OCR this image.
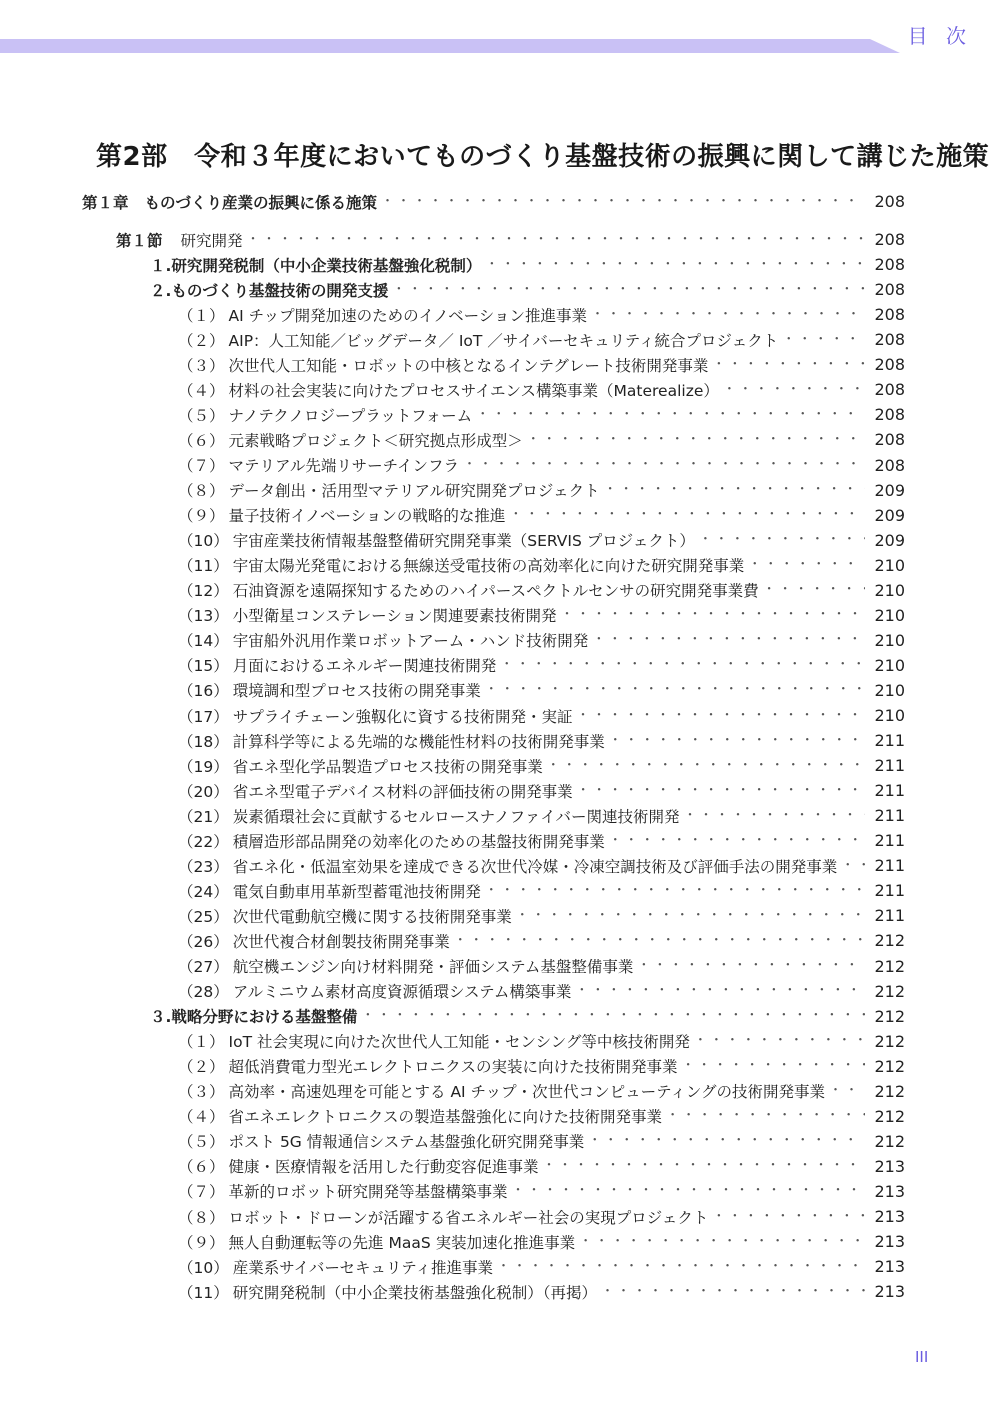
目 次
第2部　令和３年度においてものづくり基盤技術の振興に関して講じた施策
第１章 ものづくり産業の振興に係る施策 ・・・・・・・・・・・・・・・・・・・・・・・・・・・・・・・・・・・・・・・・・・・・・・・・・・・・・・・・・・・・・・・・・・・・・・・・・・・・・・・	208
第１節 研究開発 ・・・・・・・・・・・・・・・・・・・・・・・・・・・・・・・・・・・・・・・・・・・・・・・・・・・・・・・・・・・・・・・・・・・・・・・・・・・・・・・	208
１. 研究開発税制（中小企業技術基盤強化税制） ・・・・・・・・・・・・・・・・・・・・・・・・・・・・・・・・・・・・・・・・・・・・・・・・・・・・・・・・・・・・・・・・・・・・・・・・・・・・・・・	208
２. ものづくり基盤技術の開発支援 ・・・・・・・・・・・・・・・・・・・・・・・・・・・・・・・・・・・・・・・・・・・・・・・・・・・・・・・・・・・・・・・・・・・・・・・・・・・・・・・	208
（１） AI チップ開発加速のためのイノベーション推進事業 ・・・・・・・・・・・・・・・・・・・・・・・・・・・・・・・・・・・・・・・・・・・・・・・・・・・・・・・・・・・・・・・・・・・・・・・・・・・・・・・	208
（２） AIP：人工知能／ビッグデータ／ IoT ／サイバーセキュリティ統合プロジェクト ・・・・・・・・・・・・・・・・・・・・・・・・・・・・・・・・・・・・・・・・・・・・・・・・・・・・・・・・・・・・・・・・・・・・・・・・・・・・・・・	208
（３） 次世代人工知能・ロボットの中核となるインテグレート技術開発事業 ・・・・・・・・・・・・・・・・・・・・・・・・・・・・・・・・・・・・・・・・・・・・・・・・・・・・・・・・・・・・・・・・・・・・・・・・・・・・・・・	208
（４） 材料の社会実装に向けたプロセスサイエンス構築事業（Materealize） ・・・・・・・・・・・・・・・・・・・・・・・・・・・・・・・・・・・・・・・・・・・・・・・・・・・・・・・・・・・・・・・・・・・・・・・・・・・・・・・	208
（５） ナノテクノロジープラットフォーム ・・・・・・・・・・・・・・・・・・・・・・・・・・・・・・・・・・・・・・・・・・・・・・・・・・・・・・・・・・・・・・・・・・・・・・・・・・・・・・・	208
（６） 元素戦略プロジェクト＜研究拠点形成型＞ ・・・・・・・・・・・・・・・・・・・・・・・・・・・・・・・・・・・・・・・・・・・・・・・・・・・・・・・・・・・・・・・・・・・・・・・・・・・・・・・	208
（７） マテリアル先端リサーチインフラ ・・・・・・・・・・・・・・・・・・・・・・・・・・・・・・・・・・・・・・・・・・・・・・・・・・・・・・・・・・・・・・・・・・・・・・・・・・・・・・・	208
（８） データ創出・活用型マテリアル研究開発プロジェクト ・・・・・・・・・・・・・・・・・・・・・・・・・・・・・・・・・・・・・・・・・・・・・・・・・・・・・・・・・・・・・・・・・・・・・・・・・・・・・・・	209
（９） 量子技術イノベーションの戦略的な推進 ・・・・・・・・・・・・・・・・・・・・・・・・・・・・・・・・・・・・・・・・・・・・・・・・・・・・・・・・・・・・・・・・・・・・・・・・・・・・・・・	209
（10） 宇宙産業技術情報基盤整備研究開発事業（SERVIS プロジェクト） ・・・・・・・・・・・・・・・・・・・・・・・・・・・・・・・・・・・・・・・・・・・・・・・・・・・・・・・・・・・・・・・・・・・・・・・・・・・・・・・	209
（11） 宇宙太陽光発電における無線送受電技術の高効率化に向けた研究開発事業 ・・・・・・・・・・・・・・・・・・・・・・・・・・・・・・・・・・・・・・・・・・・・・・・・・・・・・・・・・・・・・・・・・・・・・・・・・・・・・・・	210
（12） 石油資源を遠隔探知するためのハイパースペクトルセンサの研究開発事業費 ・・・・・・・・・・・・・・・・・・・・・・・・・・・・・・・・・・・・・・・・・・・・・・・・・・・・・・・・・・・・・・・・・・・・・・・・・・・・・・・	210
（13） 小型衛星コンステレーション関連要素技術開発 ・・・・・・・・・・・・・・・・・・・・・・・・・・・・・・・・・・・・・・・・・・・・・・・・・・・・・・・・・・・・・・・・・・・・・・・・・・・・・・・	210
（14） 宇宙船外汎用作業ロボットアーム・ハンド技術開発 ・・・・・・・・・・・・・・・・・・・・・・・・・・・・・・・・・・・・・・・・・・・・・・・・・・・・・・・・・・・・・・・・・・・・・・・・・・・・・・・	210
（15） 月面におけるエネルギー関連技術開発 ・・・・・・・・・・・・・・・・・・・・・・・・・・・・・・・・・・・・・・・・・・・・・・・・・・・・・・・・・・・・・・・・・・・・・・・・・・・・・・・	210
（16） 環境調和型プロセス技術の開発事業 ・・・・・・・・・・・・・・・・・・・・・・・・・・・・・・・・・・・・・・・・・・・・・・・・・・・・・・・・・・・・・・・・・・・・・・・・・・・・・・・	210
（17） サプライチェーン強靱化に資する技術開発・実証 ・・・・・・・・・・・・・・・・・・・・・・・・・・・・・・・・・・・・・・・・・・・・・・・・・・・・・・・・・・・・・・・・・・・・・・・・・・・・・・・	210
（18） 計算科学等による先端的な機能性材料の技術開発事業 ・・・・・・・・・・・・・・・・・・・・・・・・・・・・・・・・・・・・・・・・・・・・・・・・・・・・・・・・・・・・・・・・・・・・・・・・・・・・・・・	211
（19） 省エネ型化学品製造プロセス技術の開発事業 ・・・・・・・・・・・・・・・・・・・・・・・・・・・・・・・・・・・・・・・・・・・・・・・・・・・・・・・・・・・・・・・・・・・・・・・・・・・・・・・	211
（20） 省エネ型電子デバイス材料の評価技術の開発事業 ・・・・・・・・・・・・・・・・・・・・・・・・・・・・・・・・・・・・・・・・・・・・・・・・・・・・・・・・・・・・・・・・・・・・・・・・・・・・・・・	211
（21） 炭素循環社会に貢献するセルロースナノファイバー関連技術開発 ・・・・・・・・・・・・・・・・・・・・・・・・・・・・・・・・・・・・・・・・・・・・・・・・・・・・・・・・・・・・・・・・・・・・・・・・・・・・・・・	211
（22） 積層造形部品開発の効率化のための基盤技術開発事業 ・・・・・・・・・・・・・・・・・・・・・・・・・・・・・・・・・・・・・・・・・・・・・・・・・・・・・・・・・・・・・・・・・・・・・・・・・・・・・・・	211
（23） 省エネ化・低温室効果を達成できる次世代冷媒・冷凍空調技術及び評価手法の開発事業 ・・・・・・・・・・・・・・・・・・・・・・・・・・・・・・・・・・・・・・・・・・・・・・・・・・・・・・・・・・・・・・・・・・・・・・・・・・・・・・・ 211
（24） 電気自動車用革新型蓄電池技術開発 ・・・・・・・・・・・・・・・・・・・・・・・・・・・・・・・・・・・・・・・・・・・・・・・・・・・・・・・・・・・・・・・・・・・・・・・・・・・・・・・	211
（25） 次世代電動航空機に関する技術開発事業 ・・・・・・・・・・・・・・・・・・・・・・・・・・・・・・・・・・・・・・・・・・・・・・・・・・・・・・・・・・・・・・・・・・・・・・・・・・・・・・・	211
（26） 次世代複合材創製技術開発事業 ・・・・・・・・・・・・・・・・・・・・・・・・・・・・・・・・・・・・・・・・・・・・・・・・・・・・・・・・・・・・・・・・・・・・・・・・・・・・・・・	212
（27） 航空機エンジン向け材料開発・評価システム基盤整備事業 ・・・・・・・・・・・・・・・・・・・・・・・・・・・・・・・・・・・・・・・・・・・・・・・・・・・・・・・・・・・・・・・・・・・・・・・・・・・・・・・	212
（28） アルミニウム素材高度資源循環システム構築事業 ・・・・・・・・・・・・・・・・・・・・・・・・・・・・・・・・・・・・・・・・・・・・・・・・・・・・・・・・・・・・・・・・・・・・・・・・・・・・・・・	212
３. 戦略分野における基盤整備 ・・・・・・・・・・・・・・・・・・・・・・・・・・・・・・・・・・・・・・・・・・・・・・・・・・・・・・・・・・・・・・・・・・・・・・・・・・・・・・・	212
（１） IoT 社会実現に向けた次世代人工知能・センシング等中核技術開発 ・・・・・・・・・・・・・・・・・・・・・・・・・・・・・・・・・・・・・・・・・・・・・・・・・・・・・・・・・・・・・・・・・・・・・・・・・・・・・・・	212
（２） 超低消費電力型光エレクトロニクスの実装に向けた技術開発事業 ・・・・・・・・・・・・・・・・・・・・・・・・・・・・・・・・・・・・・・・・・・・・・・・・・・・・・・・・・・・・・・・・・・・・・・・・・・・・・・・	212
（３） 高効率・高速処理を可能とする AI チップ・次世代コンピューティングの技術開発事業 ・・・・・・・・・・・・・・・・・・・・・・・・・・・・・・・・・・・・・・・・・・・・・・・・・・・・・・・・・・・・・・・・・・・・・・・・・・・・・・・	212
（４） 省エネエレクトロニクスの製造基盤強化に向けた技術開発事業 ・・・・・・・・・・・・・・・・・・・・・・・・・・・・・・・・・・・・・・・・・・・・・・・・・・・・・・・・・・・・・・・・・・・・・・・・・・・・・・・	212
（５） ポスト 5G 情報通信システム基盤強化研究開発事業 ・・・・・・・・・・・・・・・・・・・・・・・・・・・・・・・・・・・・・・・・・・・・・・・・・・・・・・・・・・・・・・・・・・・・・・・・・・・・・・・	212
（６） 健康・医療情報を活用した行動変容促進事業 ・・・・・・・・・・・・・・・・・・・・・・・・・・・・・・・・・・・・・・・・・・・・・・・・・・・・・・・・・・・・・・・・・・・・・・・・・・・・・・・	213
（７） 革新的ロボット研究開発等基盤構築事業 ・・・・・・・・・・・・・・・・・・・・・・・・・・・・・・・・・・・・・・・・・・・・・・・・・・・・・・・・・・・・・・・・・・・・・・・・・・・・・・・	213
（８） ロボット・ドローンが活躍する省エネルギー社会の実現プロジェクト ・・・・・・・・・・・・・・・・・・・・・・・・・・・・・・・・・・・・・・・・・・・・・・・・・・・・・・・・・・・・・・・・・・・・・・・・・・・・・・・	213
（９） 無人自動運転等の先進 MaaS 実装加速化推進事業 ・・・・・・・・・・・・・・・・・・・・・・・・・・・・・・・・・・・・・・・・・・・・・・・・・・・・・・・・・・・・・・・・・・・・・・・・・・・・・・・	213
（10） 産業系サイバーセキュリティ推進事業 ・・・・・・・・・・・・・・・・・・・・・・・・・・・・・・・・・・・・・・・・・・・・・・・・・・・・・・・・・・・・・・・・・・・・・・・・・・・・・・・	213
（11） 研究開発税制（中小企業技術基盤強化税制）（再掲） ・・・・・・・・・・・・・・・・・・・・・・・・・・・・・・・・・・・・・・・・・・・・・・・・・・・・・・・・・・・・・・・・・・・・・・・・・・・・・・・	213
III
